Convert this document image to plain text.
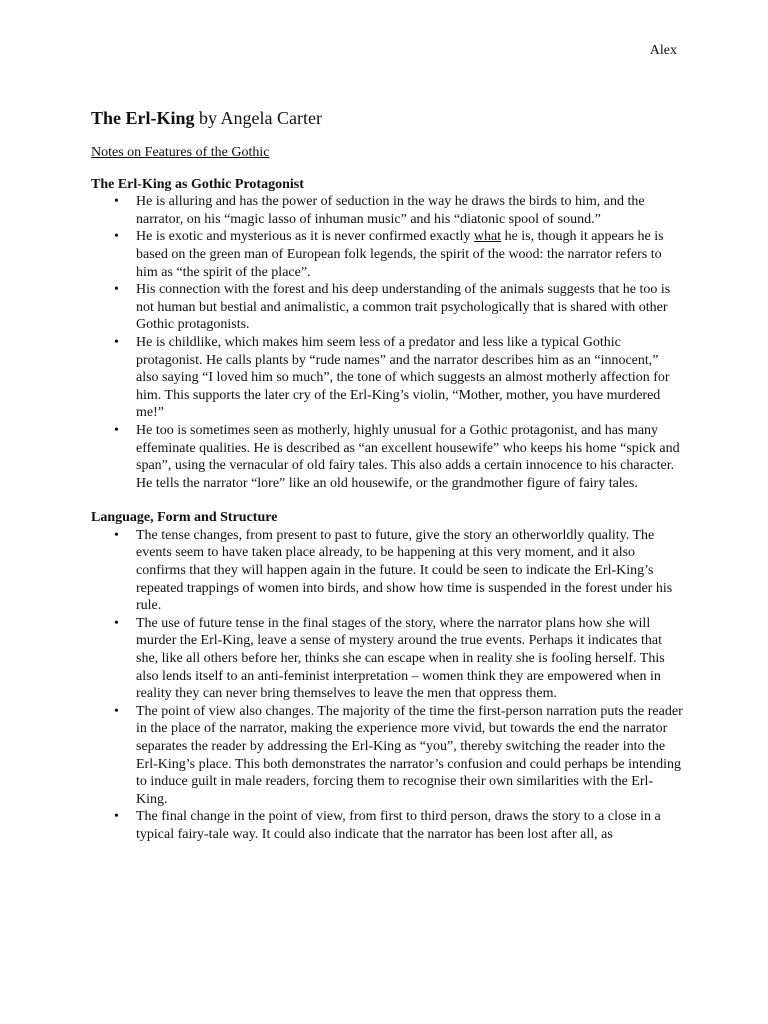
Alex
The Erl-King by Angela Carter
Notes on Features of the Gothic
The Erl-King as Gothic Protagonist
• He is alluring and has the power of seduction in the way he draws the birds to him, and the narrator, on his “magic lasso of inhuman music” and his “diatonic spool of sound.”
• He is exotic and mysterious as it is never confirmed exactly what he is, though it appears he is based on the green man of European folk legends, the spirit of the wood: the narrator refers to him as “the spirit of the place”.
• His connection with the forest and his deep understanding of the animals suggests that he too is not human but bestial and animalistic, a common trait psychologically that is shared with other Gothic protagonists.
• He is childlike, which makes him seem less of a predator and less like a typical Gothic protagonist. He calls plants by “rude names” and the narrator describes him as an “innocent,” also saying “I loved him so much”, the tone of which suggests an almost motherly affection for him. This supports the later cry of the Erl-King’s violin, “Mother, mother, you have murdered me!”
• He too is sometimes seen as motherly, highly unusual for a Gothic protagonist, and has many effeminate qualities. He is described as “an excellent housewife” who keeps his home “spick and span”, using the vernacular of old fairy tales. This also adds a certain innocence to his character. He tells the narrator “lore” like an old housewife, or the grandmother figure of fairy tales.
Language, Form and Structure
• The tense changes, from present to past to future, give the story an otherworldly quality. The events seem to have taken place already, to be happening at this very moment, and it also confirms that they will happen again in the future. It could be seen to indicate the Erl-King’s repeated trappings of women into birds, and show how time is suspended in the forest under his rule.
• The use of future tense in the final stages of the story, where the narrator plans how she will murder the Erl-King, leave a sense of mystery around the true events. Perhaps it indicates that she, like all others before her, thinks she can escape when in reality she is fooling herself. This also lends itself to an anti-feminist interpretation – women think they are empowered when in reality they can never bring themselves to leave the men that oppress them.
• The point of view also changes. The majority of the time the first-person narration puts the reader in the place of the narrator, making the experience more vivid, but towards the end the narrator separates the reader by addressing the Erl-King as “you”, thereby switching the reader into the Erl-King’s place. This both demonstrates the narrator’s confusion and could perhaps be intending to induce guilt in male readers, forcing them to recognise their own similarities with the Erl-King.
• The final change in the point of view, from first to third person, draws the story to a close in a typical fairy-tale way. It could also indicate that the narrator has been lost after all, as
